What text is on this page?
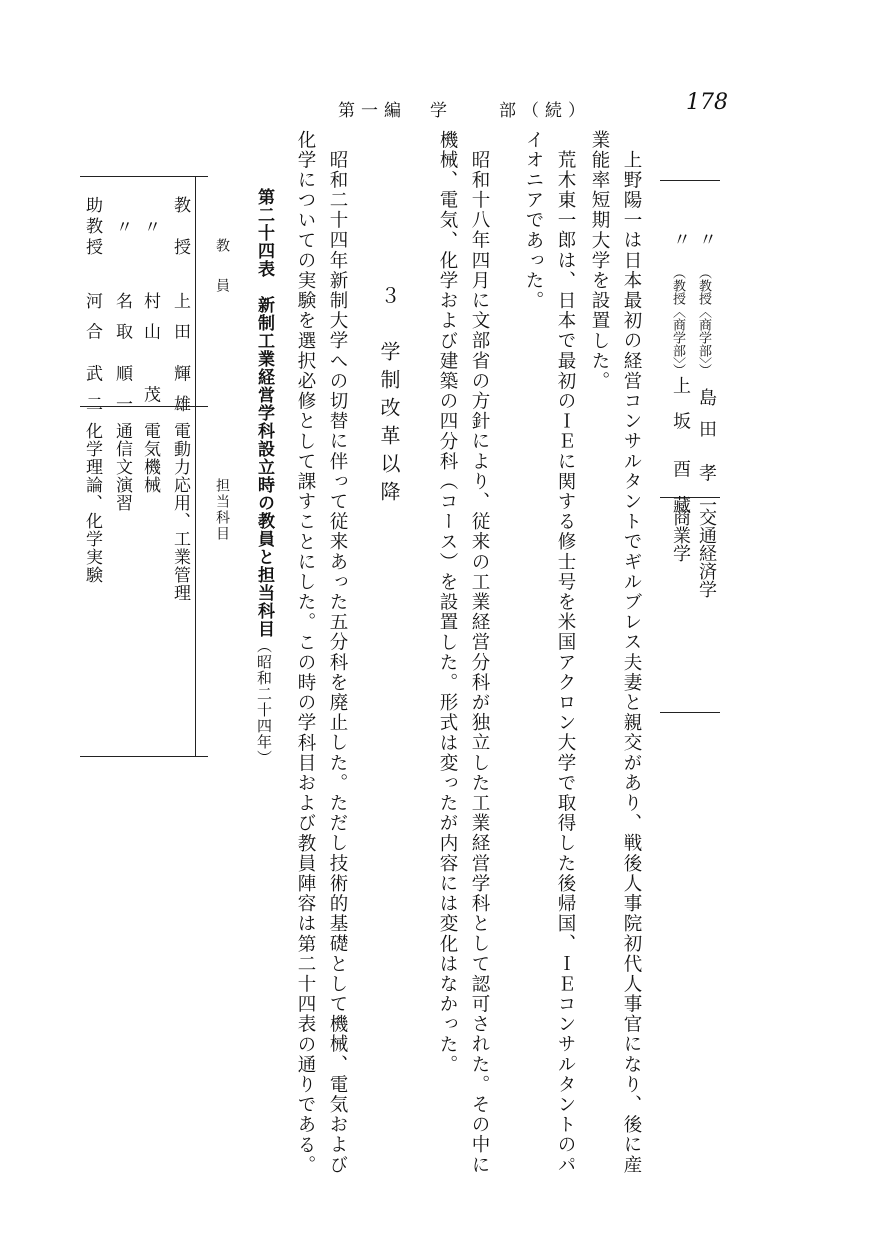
第一編　学　　部（続）	178
〃
（教授〈商学部〉）
島 田　孝 一
交通経済学
〃
（教授〈商学部〉）
上 坂　酉 藏
商業学
上野陽一は日本最初の経営コンサルタントでギルブレス夫妻と親交があり、戦後人事院初代人事官になり、後に産
業能率短期大学を設置した。
荒木東一郎は、日本で最初のＩＥに関する修士号を米国アクロン大学で取得した後帰国、ＩＥコンサルタントのパ
イオニアであった。
昭和十八年四月に文部省の方針により、従来の工業経営分科が独立した工業経営学科として認可された。その中に
機械、電気、化学および建築の四分科（コース）を設置した。形式は変ったが内容には変化はなかった。
３　学制改革以降
昭和二十四年新制大学への切替に伴って従来あった五分科を廃止した。ただし技術的基礎として機械、電気および
化学についての実験を選択必修として課すことにした。この時の学科目および教員陣容は第二十四表の通りである。
第二十四表　新制工業経営学科設立時の教員と担当科目（昭和二十四年）
教　員
担当科目
教　授
上 田　輝 雄
電動力応用、工業管理
〃
村 山　　茂
電気機械
〃
名 取　順 一
通信文演習
助教授
河 合　武 二
化学理論、化学実験
